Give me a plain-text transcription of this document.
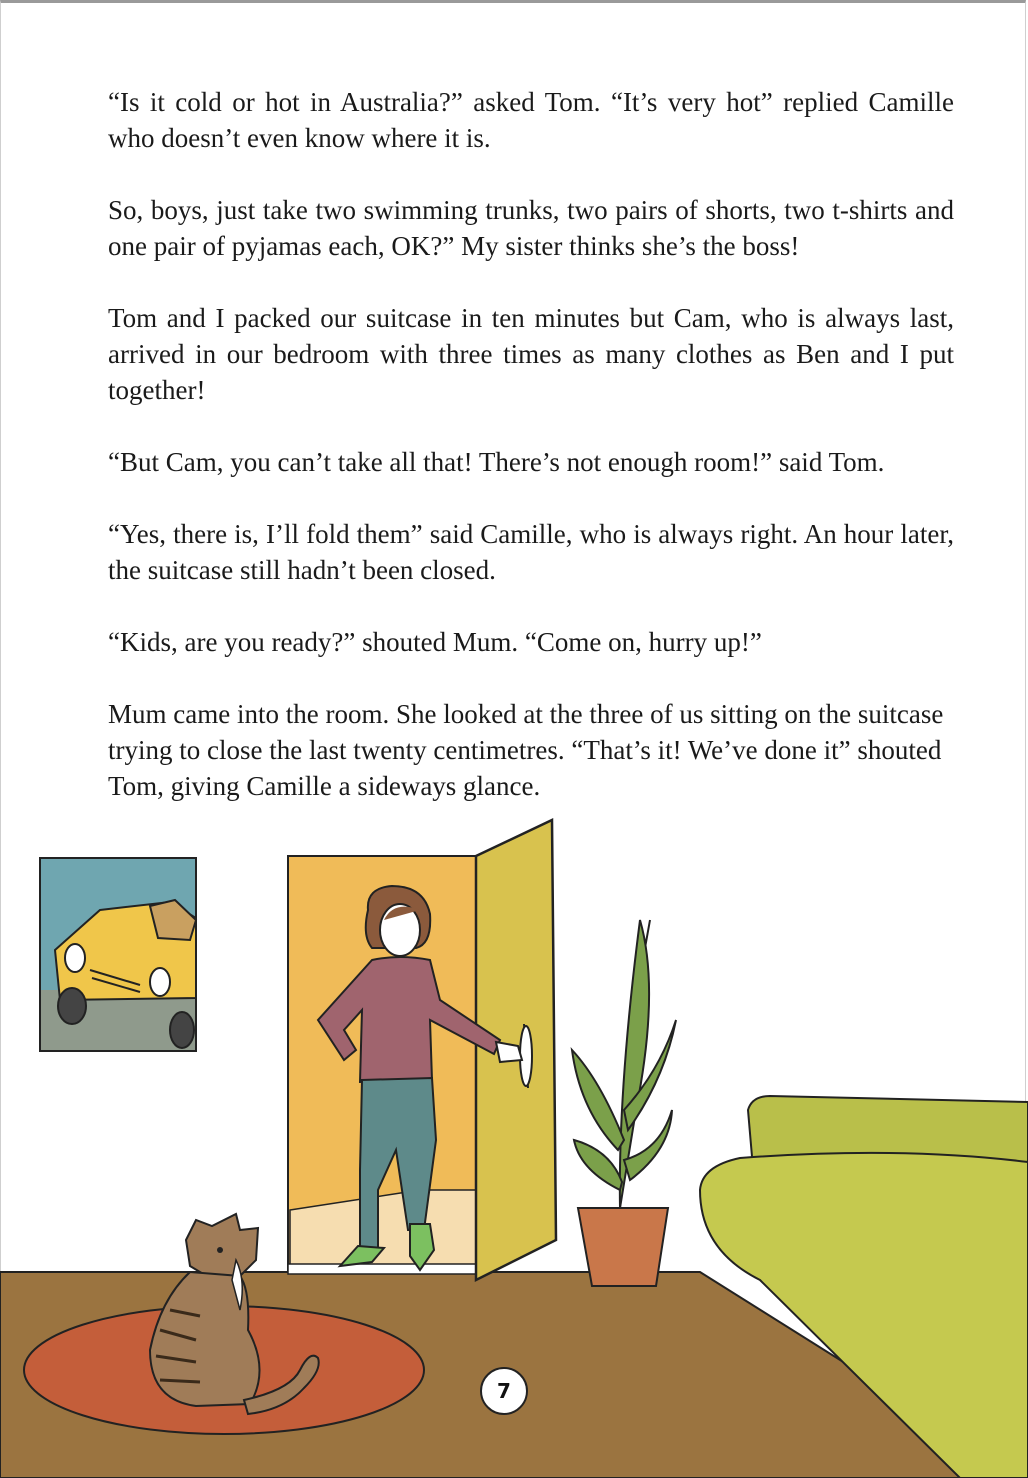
“Is it cold or hot in Australia?” asked Tom. “It’s very hot” replied Camille who doesn’t even know where it is.

So, boys, just take two swimming trunks, two pairs of shorts, two t-shirts and one pair of pyjamas each, OK?” My sister thinks she’s the boss!

Tom and I packed our suitcase in ten minutes but Cam, who is always last, arrived in our bedroom with three times as many clothes as Ben and I put together!

“But Cam, you can’t take all that! There’s not enough room!” said Tom.

“Yes, there is, I’ll fold them” said Camille, who is always right. An hour later, the suitcase still hadn’t been closed.

“Kids, are you ready?” shouted Mum. “Come on, hurry up!”

Mum came into the room. She looked at the three of us sitting on the suitcase trying to close the last twenty centimetres. “That’s it! We’ve done it” shouted Tom, giving Camille a sideways glance.

7
